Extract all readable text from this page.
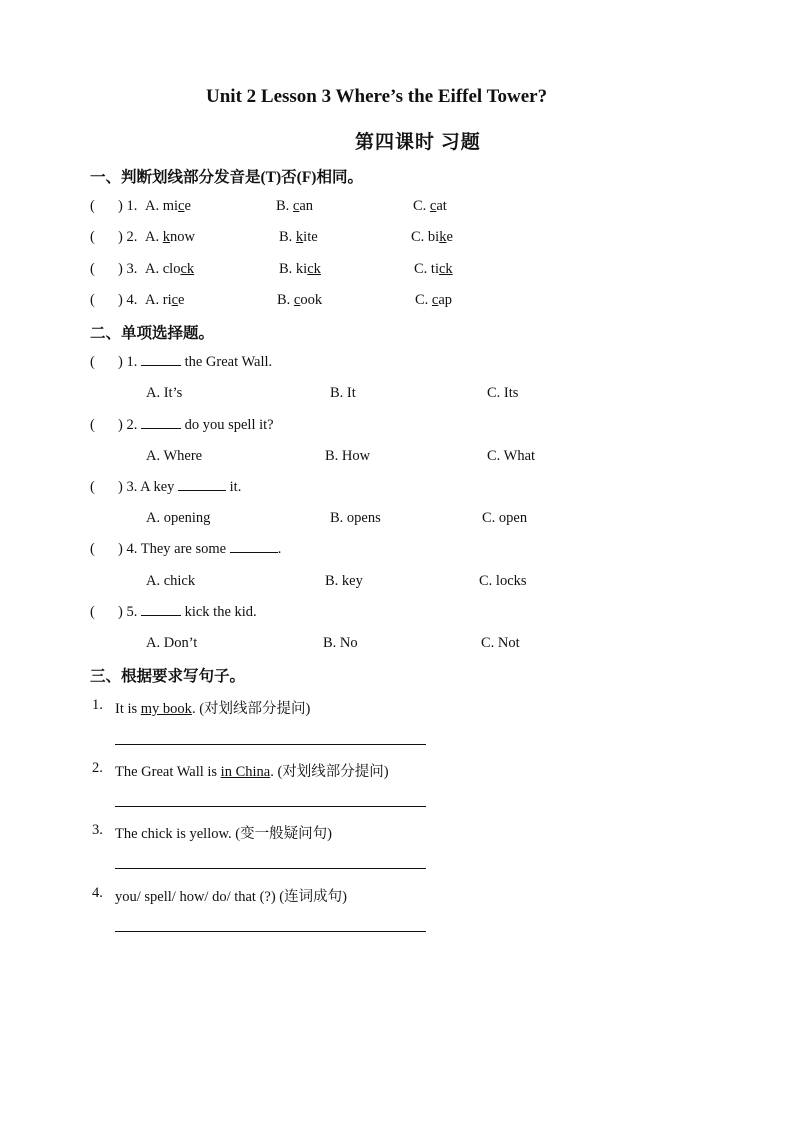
Unit 2 Lesson 3 Where’s the Eiffel Tower?
第四课时 习题
一、判断划线部分发音是(T)否(F)相同。
( ) 1. A. mice	B. can	C. cat
( ) 2. A. know	B. kite	C. bike
( ) 3. A. clock	B. kick	C. tick
( ) 4. A. rice	B. cook	C. cap
二、单项选择题。
( ) 1.	the Great Wall.
A. It’s	B. It	C. Its
( ) 2.	do you spell it?
A. Where	B. How	C. What
( ) 3. A key	it.
A. opening	B. opens	C. open
( ) 4. They are some	.
A. chick	B. key	C. locks
( ) 5.	kick the kid.
A. Don’t	B. No	C. Not
三、根据要求写句子。
1. It is my book. (对划线部分提问)
2. The Great Wall is in China. (对划线部分提问)
3. The chick is yellow. (变一般疑问句)
4. you/ spell/ how/ do/ that (?) (连词成句)
